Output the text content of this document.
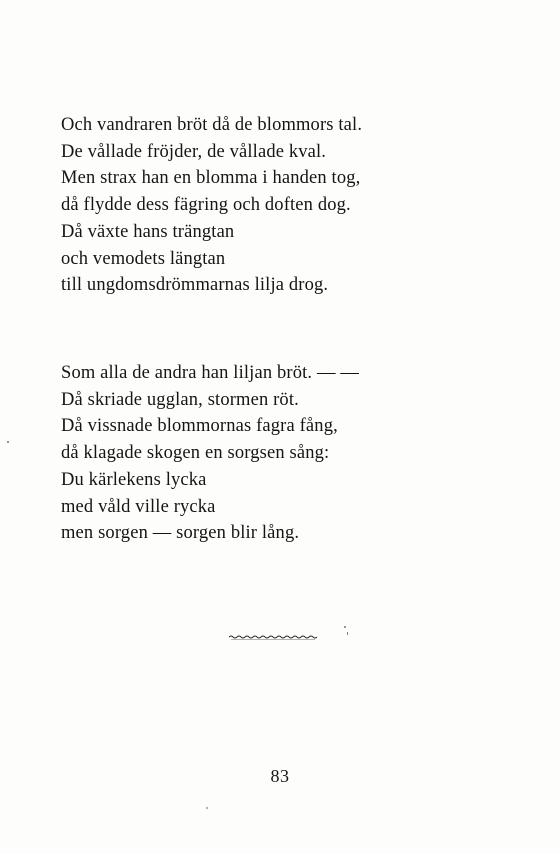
Och vandraren bröt då de blommors tal.
De vållade fröjder, de vållade kval.
Men strax han en blomma i handen tog,
då flydde dess fägring och doften dog.
Då växte hans trängtan
och vemodets längtan
till ungdomsdrömmarnas lilja drog.
Som alla de andra han liljan bröt. — —
Då skriade ugglan, stormen röt.
Då vissnade blommornas fagra fång,
då klagade skogen en sorgsen sång:
Du kärlekens lycka
med våld ville rycka
men sorgen — sorgen blir lång.
83
